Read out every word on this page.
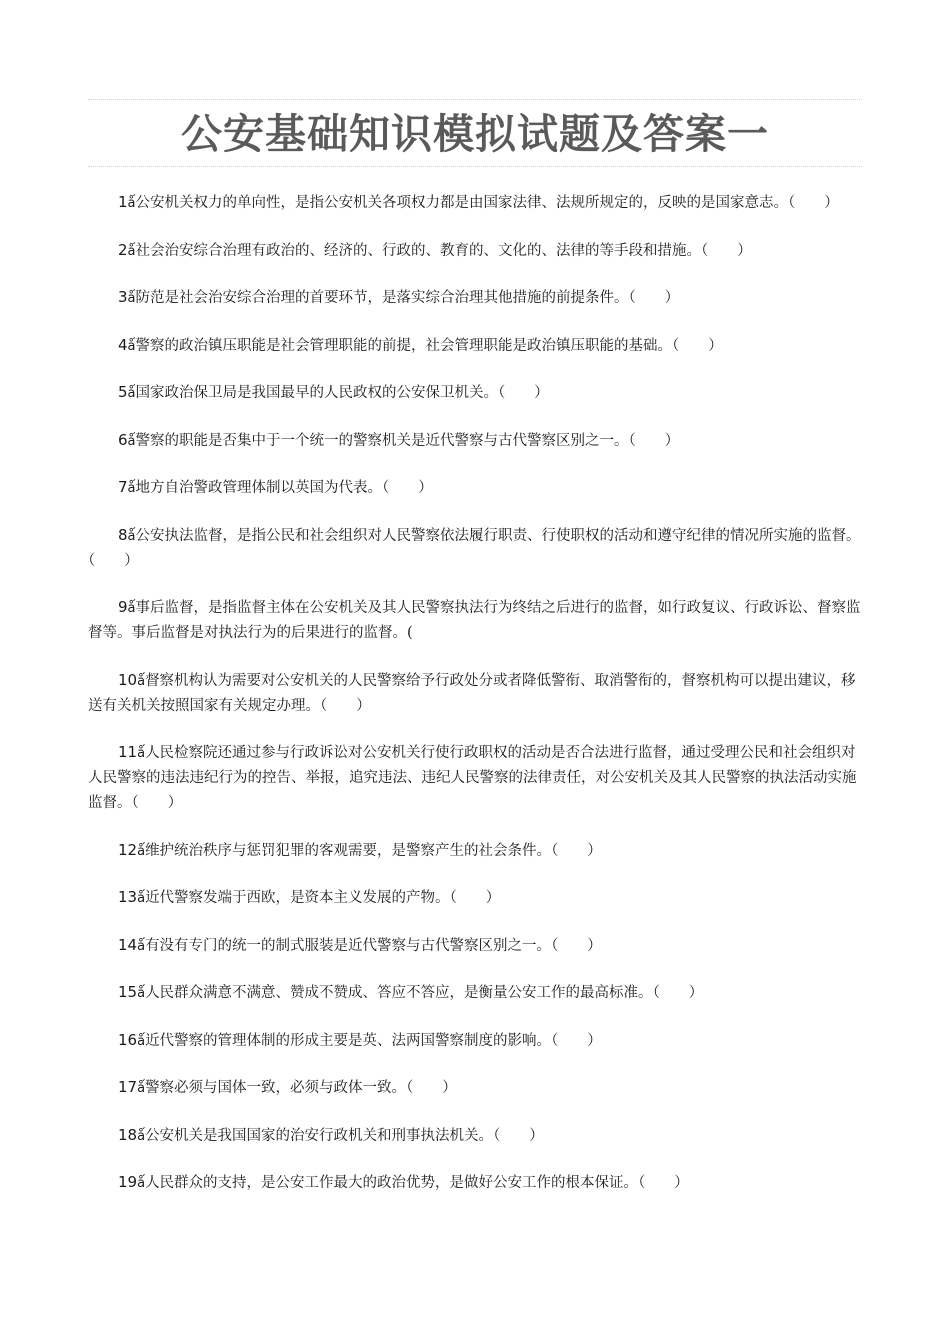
公安基础知识模拟试题及答案一
1ǻ公安机关权力的单向性，是指公安机关各项权力都是由国家法律、法规所规定的，反映的是国家意志。（　　）
2ǻ社会治安综合治理有政治的、经济的、行政的、教育的、文化的、法律的等手段和措施。（　　）
3ǻ防范是社会治安综合治理的首要环节，是落实综合治理其他措施的前提条件。（　　）
4ǻ警察的政治镇压职能是社会管理职能的前提，社会管理职能是政治镇压职能的基础。（　　）
5ǻ国家政治保卫局是我国最早的人民政权的公安保卫机关。（　　）
6ǻ警察的职能是否集中于一个统一的警察机关是近代警察与古代警察区别之一。（　　）
7ǻ地方自治警政管理体制以英国为代表。（　　）
8ǻ公安执法监督，是指公民和社会组织对人民警察依法履行职责、行使职权的活动和遵守纪律的情况所实施的监督。（　　）
9ǻ事后监督，是指监督主体在公安机关及其人民警察执法行为终结之后进行的监督，如行政复议、行政诉讼、督察监督等。事后监督是对执法行为的后果进行的监督。(
10ǻ督察机构认为需要对公安机关的人民警察给予行政处分或者降低警衔、取消警衔的，督察机构可以提出建议，移送有关机关按照国家有关规定办理。（　　）
11ǻ人民检察院还通过参与行政诉讼对公安机关行使行政职权的活动是否合法进行监督，通过受理公民和社会组织对人民警察的违法违纪行为的控告、举报，追究违法、违纪人民警察的法律责任，对公安机关及其人民警察的执法活动实施监督。（　　）
12ǻ维护统治秩序与惩罚犯罪的客观需要，是警察产生的社会条件。（　　）
13ǻ近代警察发端于西欧，是资本主义发展的产物。（　　）
14ǻ有没有专门的统一的制式服装是近代警察与古代警察区别之一。（　　）
15ǻ人民群众满意不满意、赞成不赞成、答应不答应，是衡量公安工作的最高标准。（　　）
16ǻ近代警察的管理体制的形成主要是英、法两国警察制度的影响。（　　）
17ǻ警察必须与国体一致，必须与政体一致。（　　）
18ǻ公安机关是我国国家的治安行政机关和刑事执法机关。（　　）
19ǻ人民群众的支持，是公安工作最大的政治优势，是做好公安工作的根本保证。（　　）
